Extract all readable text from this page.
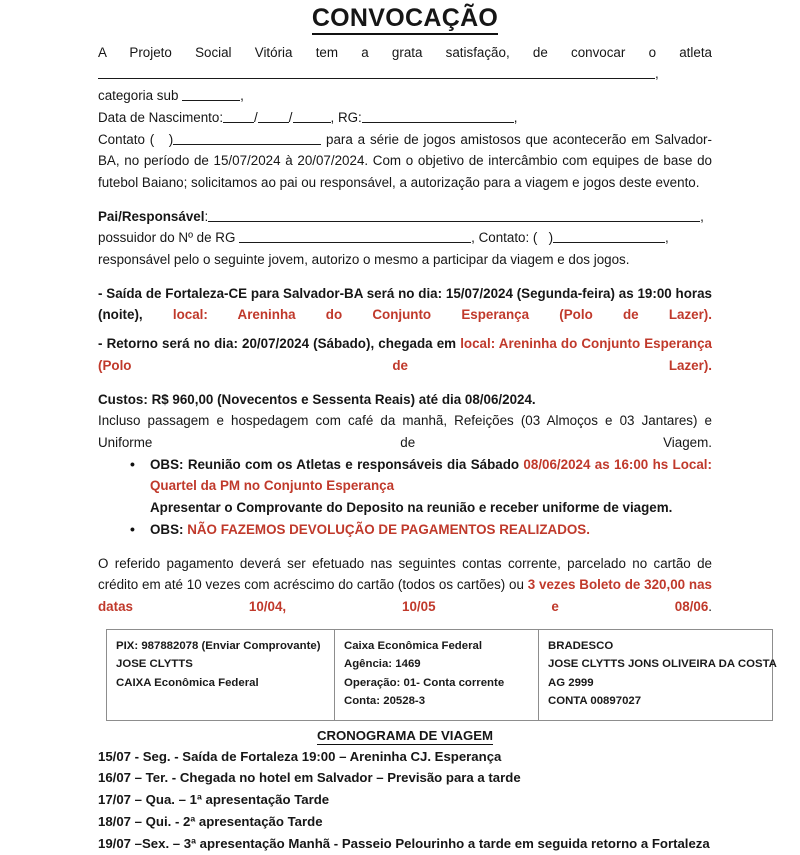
CONVOCAÇÃO

A Projeto Social Vitória tem a grata satisfação, de convocar o atleta

, categoria sub	,

Data de Nascimento: / /	, RG:	,

Contato ( )	para a série de jogos amistosos que acontecerão em Salvador-BA, no período de 15/07/2024 à 20/07/2024. Com o objetivo de intercâmbio com equipes de base do futebol Baiano; solicitamos ao pai ou responsável, a autorização para a viagem e jogos deste evento.

Pai/Responsável:	,

possuidor do Nº de RG	, Contato: ( )	,

responsável pelo o seguinte jovem, autorizo o mesmo a participar da viagem e dos jogos.

- Saída de Fortaleza-CE para Salvador-BA será no dia: 15/07/2024 (Segunda-feira) as 19:00 horas (noite), local: Areninha do Conjunto Esperança (Polo de Lazer).

- Retorno será no dia: 20/07/2024 (Sábado), chegada em local: Areninha do Conjunto Esperança (Polo de Lazer).

Custos: R$ 960,00 (Novecentos e Sessenta Reais) até dia 08/06/2024.

Incluso passagem e hospedagem com café da manhã, Refeições (03 Almoços e 03 Jantares) e Uniforme de Viagem.

• OBS: Reunião com os Atletas e responsáveis dia Sábado 08/06/2024 as 16:00 hs Local: Quartel da PM no Conjunto Esperança
Apresentar o Comprovante do Deposito na reunião e receber uniforme de viagem.
• OBS: NÃO FAZEMOS DEVOLUÇÃO DE PAGAMENTOS REALIZADOS.

O referido pagamento deverá ser efetuado nas seguintes contas corrente, parcelado no cartão de crédito em até 10 vezes com acréscimo do cartão (todos os cartões) ou 3 vezes Boleto de 320,00 nas datas 10/04, 10/05 e 08/06.

PIX: 987882078 (Enviar Comprovante)
JOSE CLYTTS
CAIXA Econômica Federal

Caixa Econômica Federal
Agência: 1469
Operação: 01- Conta corrente
Conta: 20528-3

BRADESCO
JOSE CLYTTS JONS OLIVEIRA DA COSTA
AG 2999
CONTA 00897027
CRONOGRAMA DE VIAGEM
15/07 - Seg. - Saída de Fortaleza 19:00 – Areninha CJ. Esperança
16/07 – Ter. - Chegada no hotel em Salvador – Previsão para a tarde
17/07 – Qua. – 1ª apresentação Tarde
18/07 – Qui. - 2ª apresentação Tarde
19/07 –Sex. – 3ª apresentação Manhã - Passeio Pelourinho a tarde em seguida retorno a Fortaleza
